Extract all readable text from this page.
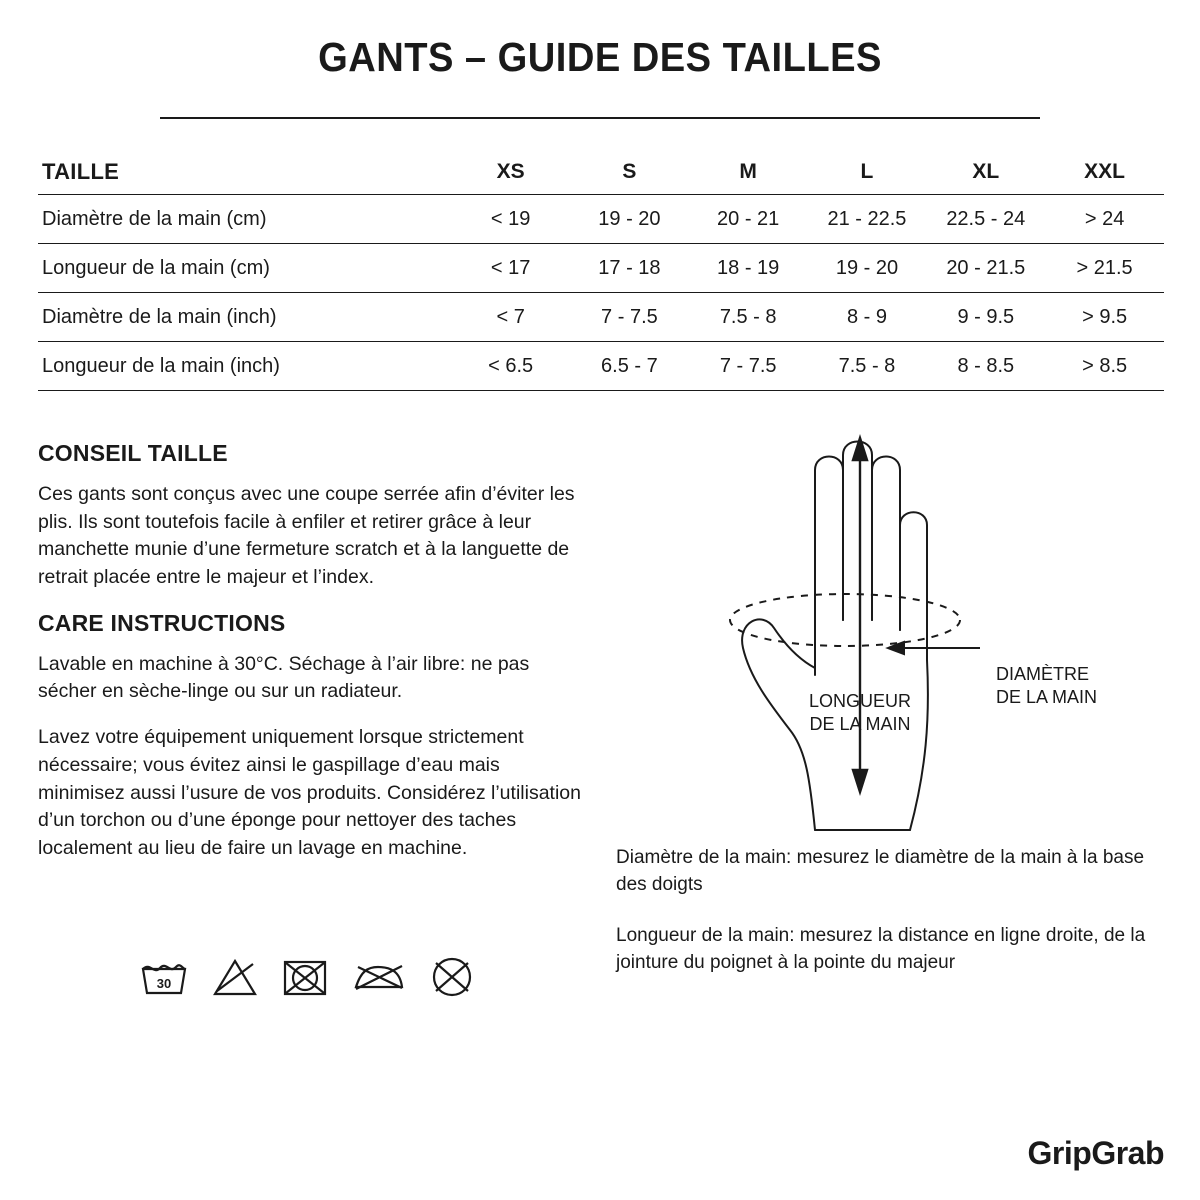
GANTS – GUIDE DES TAILLES
TAILLE	XS	S	M	L	XL	XXL
Diamètre de la main (cm)	< 19	19 - 20	20 - 21	21 - 22.5	22.5 - 24	> 24
Longueur de la main (cm)	< 17	17 - 18	18 - 19	19 - 20	20 - 21.5	> 21.5
Diamètre de la main (inch)	< 7	7 - 7.5	7.5 - 8	8 - 9	9 - 9.5	> 9.5
Longueur de la main (inch)	< 6.5	6.5 - 7	7 - 7.5	7.5 - 8	8 - 8.5	> 8.5
CONSEIL TAILLE

Ces gants sont conçus avec une coupe serrée afin d’éviter les plis. Ils sont toutefois facile à enfiler et retirer grâce à leur manchette munie d’une fermeture scratch et à la languette de retrait placée entre le majeur et l’index.

CARE INSTRUCTIONS

Lavable en machine à 30°C. Séchage à l’air libre: ne pas sécher en sèche-linge ou sur un radiateur.

Lavez votre équipement uniquement lorsque strictement nécessaire; vous évitez ainsi le gaspillage d’eau mais minimisez aussi l’usure de vos produits. Considérez l’utilisation d’un torchon ou d’une éponge pour nettoyer des taches localement au lieu de faire un lavage en machine.

30
LONGUEUR
DE LA MAIN
DIAMÈTRE
DE LA MAIN

Diamètre de la main: mesurez le diamètre de la main à la base des doigts

Longueur de la main: mesurez la distance en ligne droite, de la jointure du poignet à la pointe du majeur

GripGrab
